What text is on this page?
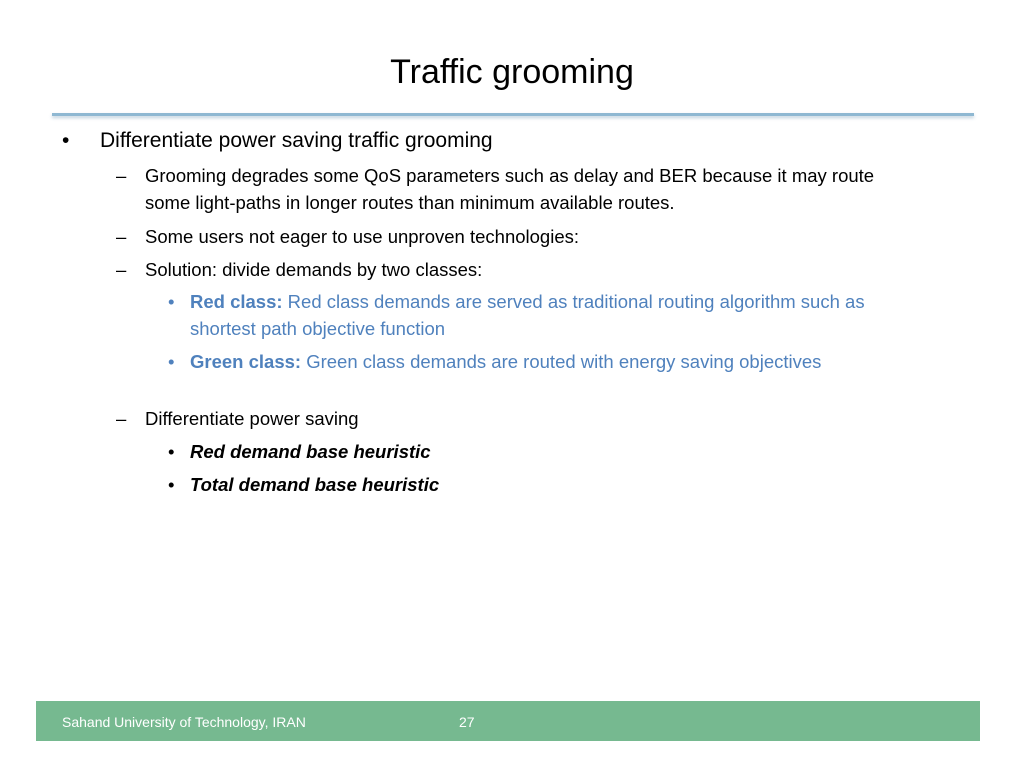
Traffic grooming
• Differentiate power saving traffic grooming
– Grooming degrades some QoS parameters such as delay and BER because it may route
some light-paths in longer routes than minimum available routes.
– Some users not eager to use unproven technologies:
– Solution: divide demands by two classes:
• Red class: Red class demands are served as traditional routing algorithm such as
shortest path objective function
• Green class: Green class demands are routed with energy saving objectives
– Differentiate power saving
• Red demand base heuristic
• Total demand base heuristic
Sahand University of Technology, IRAN	27
